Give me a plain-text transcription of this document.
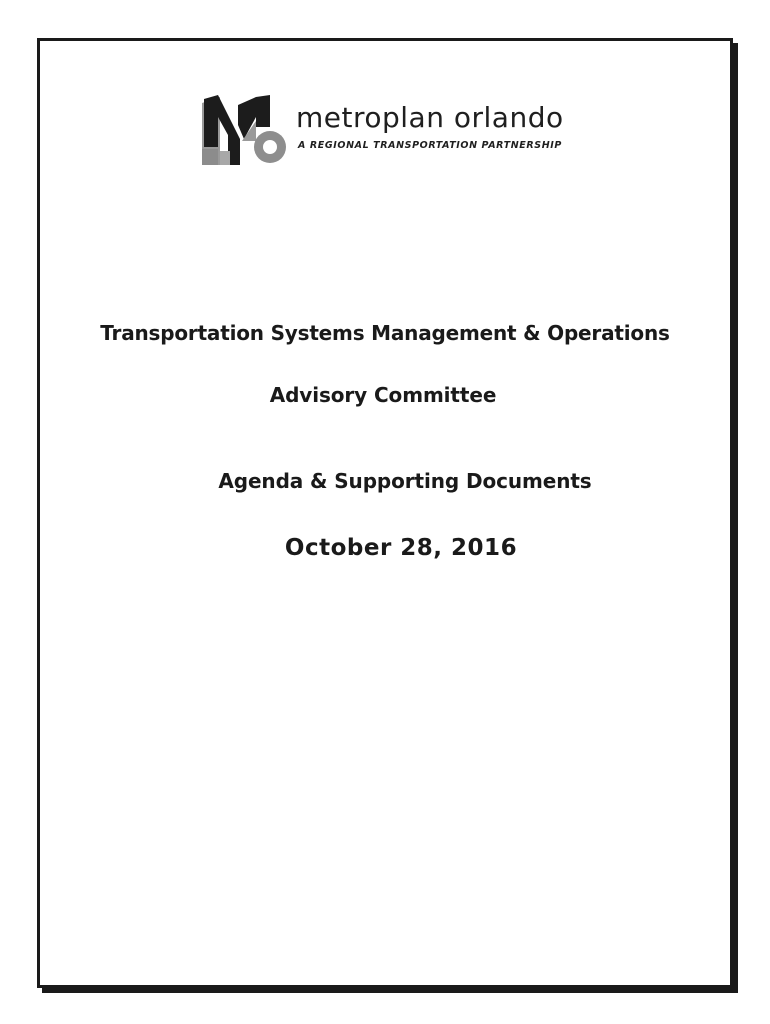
metroplan orlando
A REGIONAL TRANSPORTATION PARTNERSHIP
Transportation Systems Management & Operations
Advisory Committee
Agenda & Supporting Documents
October 28, 2016
